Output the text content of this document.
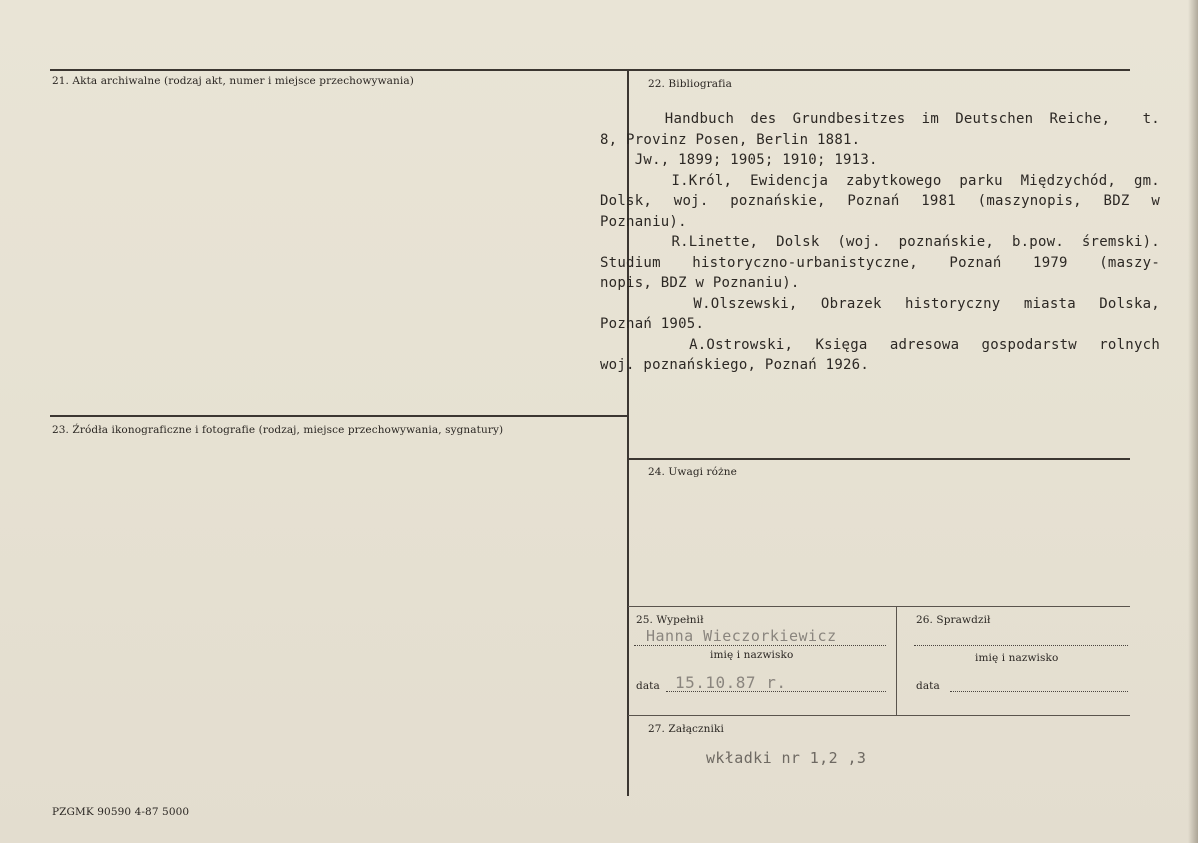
21. Akta archiwalne (rodzaj akt, numer i miejsce przechowywania)	22. Bibliografia
Handbuch des Grundbesitzes im Deutschen Reiche,  t.
8, Provinz Posen, Berlin 1881.
Jw., 1899; 1905; 1910; 1913.
I.Król, Ewidencja zabytkowego parku Międzychód, gm.
Dolsk, woj. poznańskie, Poznań 1981 (maszynopis, BDZ w
Poznaniu).
R.Linette, Dolsk (woj. poznańskie, b.pow. śremski).
Studium historyczno-urbanistyczne, Poznań 1979 (maszy-
nopis, BDZ w Poznaniu).
W.Olszewski, Obrazek historyczny miasta Dolska,
Poznań 1905.
A.Ostrowski, Księga adresowa gospodarstw rolnych
woj. poznańskiego, Poznań 1926.
23. Źródła ikonograficzne i fotografie (rodzaj, miejsce przechowywania, sygnatury)
24. Uwagi różne
25. Wypełnił
Hanna Wieczorkiewicz
imię i nazwisko
data 15.10.87 r.
26. Sprawdził
imię i nazwisko
data
27. Załączniki
wkładki nr 1,2 ,3
PZGMK 90590 4-87 5000
